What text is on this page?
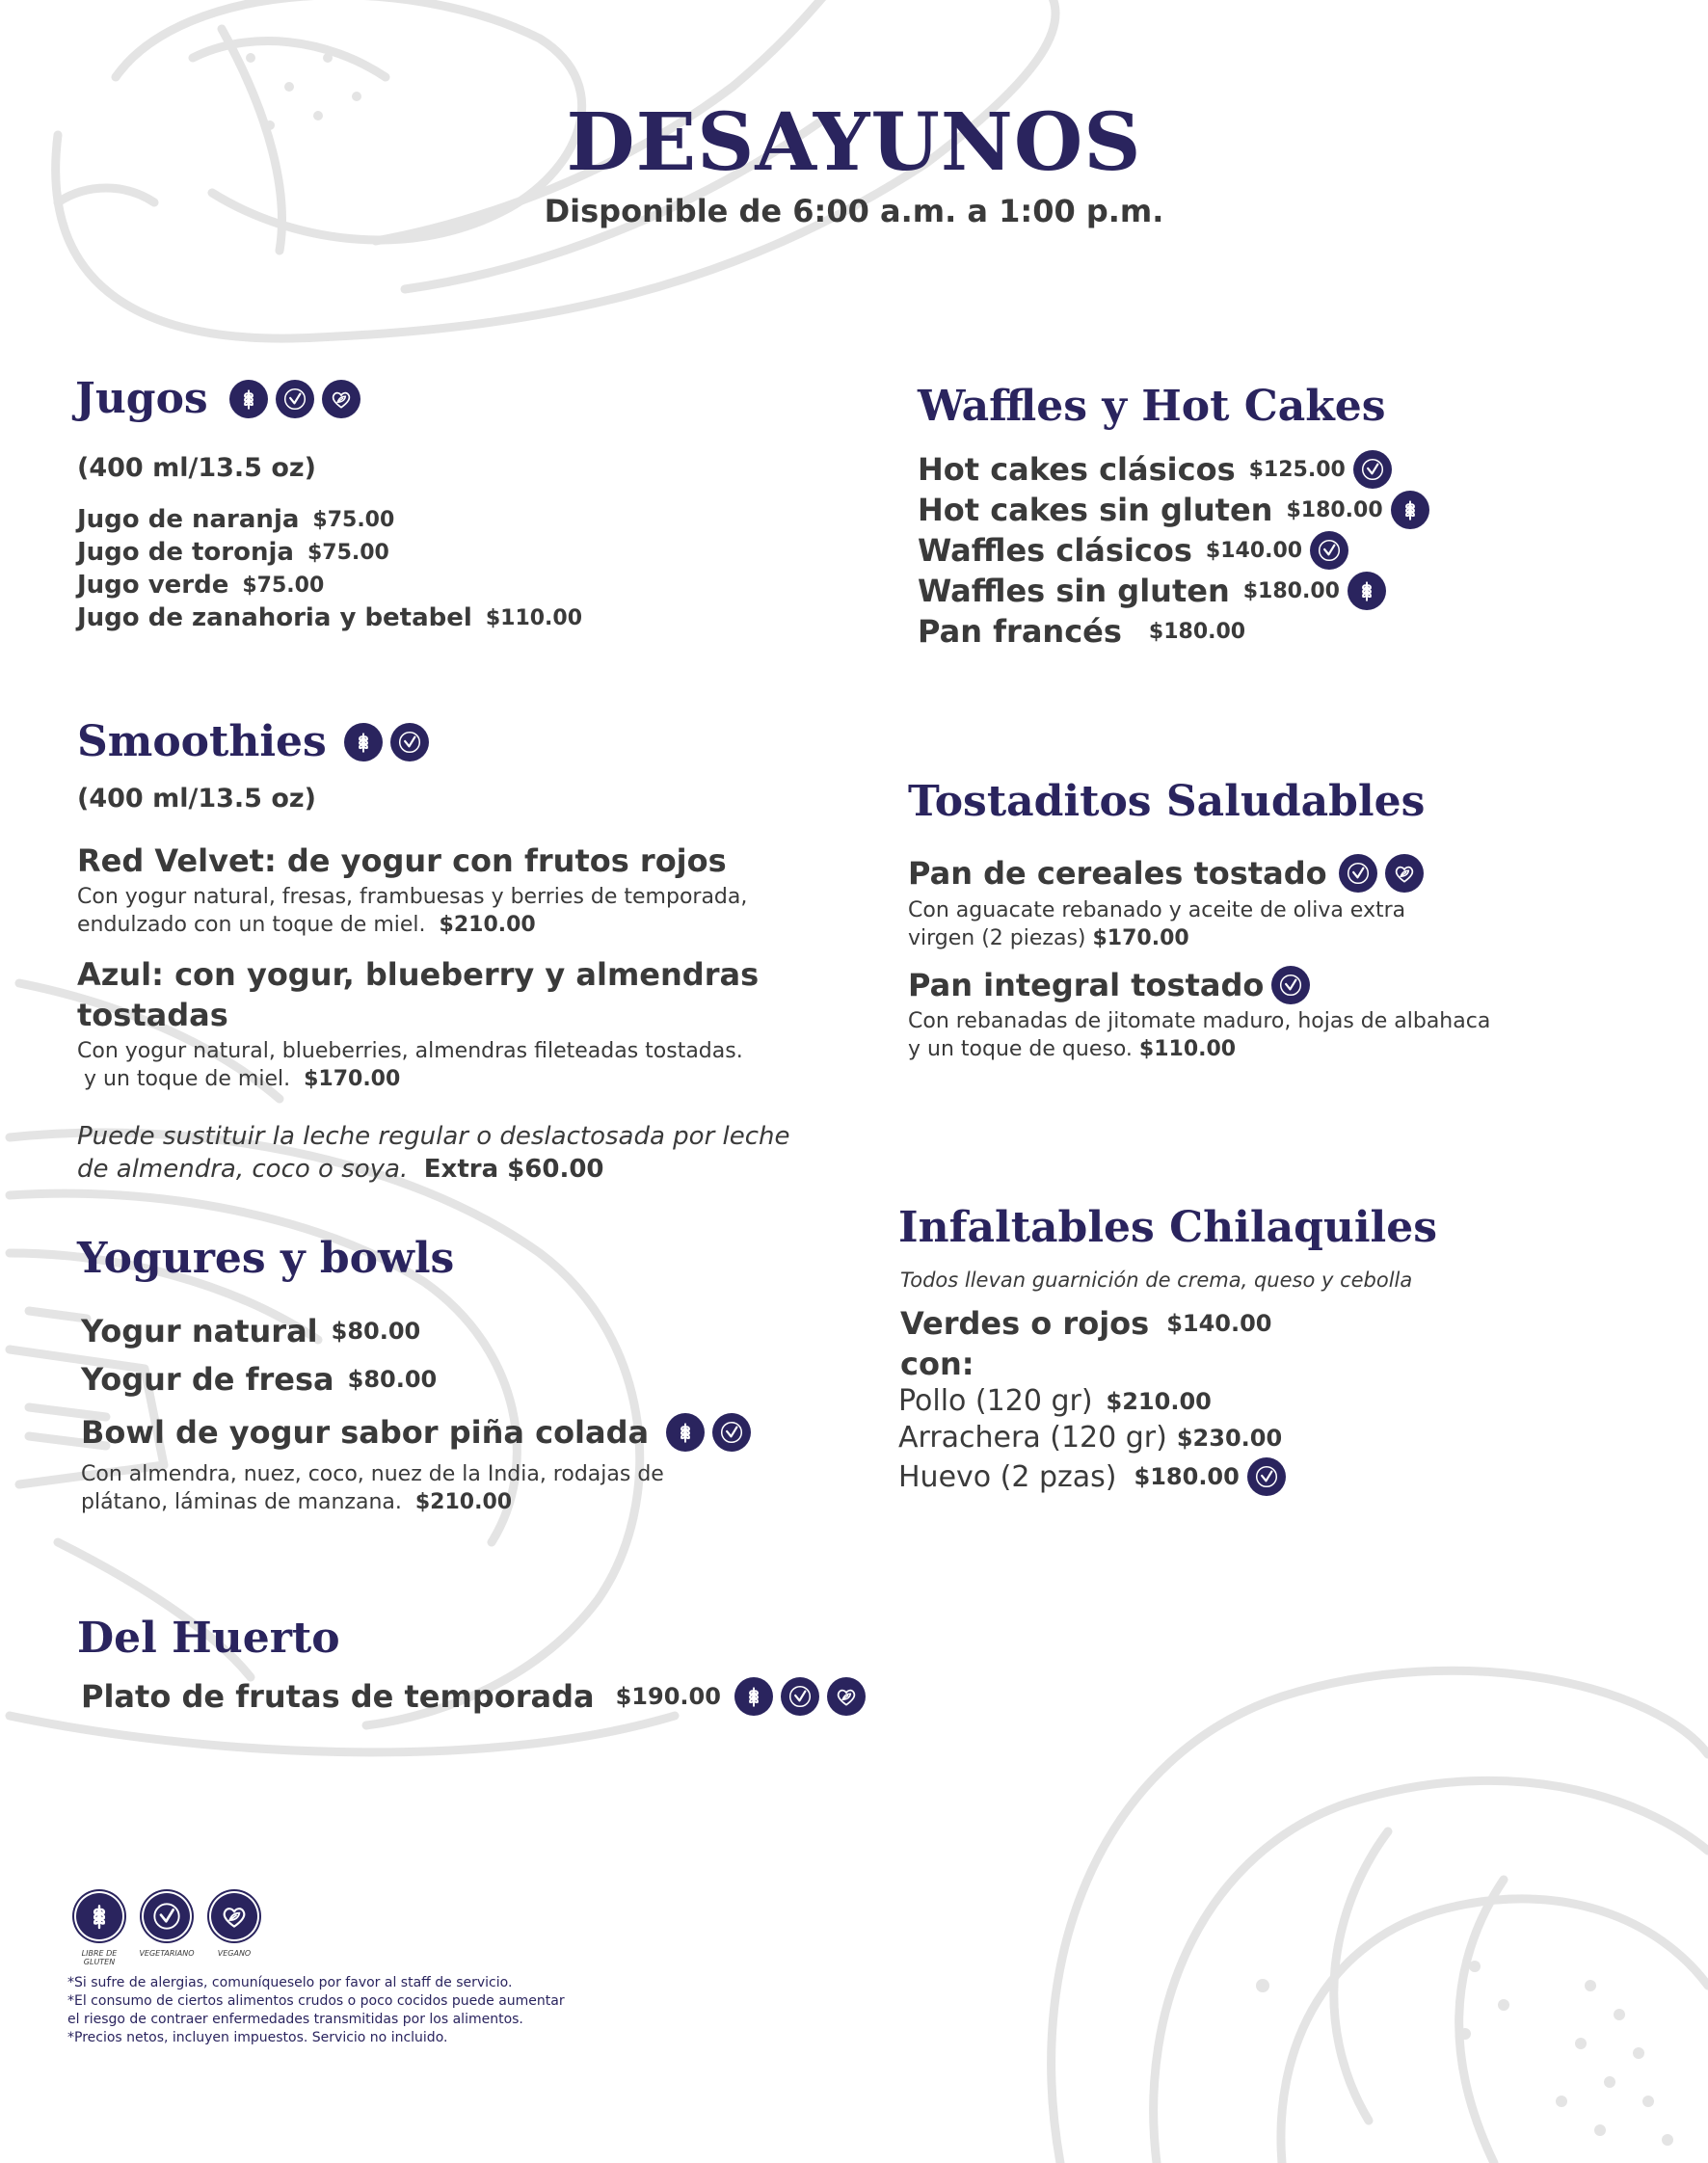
DESAYUNOS
Disponible de 6:00 a.m. a 1:00 p.m.
Jugos
(400 ml/13.5 oz)
Jugo de naranja $75.00
Jugo de toronja $75.00
Jugo verde $75.00
Jugo de zanahoria y betabel $110.00
Smoothies
(400 ml/13.5 oz)
Red Velvet: de yogur con frutos rojos
Con yogur natural, fresas, frambuesas y berries de temporada,
endulzado con un toque de miel. $210.00
Azul: con yogur, blueberry y almendras
tostadas
Con yogur natural, blueberries, almendras fileteadas tostadas.
y un toque de miel. $170.00
Puede sustituir la leche regular o deslactosada por leche
de almendra, coco o soya. Extra $60.00
Yogures y bowls
Yogur natural $80.00
Yogur de fresa $80.00
Bowl de yogur sabor piña colada
Con almendra, nuez, coco, nuez de la India, rodajas de
plátano, láminas de manzana. $210.00
Del Huerto
Plato de frutas de temporada $190.00
Waffles y Hot Cakes
Hot cakes clásicos $125.00
Hot cakes sin gluten $180.00
Waffles clásicos $140.00
Waffles sin gluten $180.00
Pan francés $180.00
Tostaditos Saludables
Pan de cereales tostado
Con aguacate rebanado y aceite de oliva extra
virgen (2 piezas) $170.00
Pan integral tostado
Con rebanadas de jitomate maduro, hojas de albahaca
y un toque de queso. $110.00
Infaltables Chilaquiles
Todos llevan guarnición de crema, queso y cebolla
Verdes o rojos $140.00
con:
Pollo (120 gr) $210.00
Arrachera (120 gr) $230.00
Huevo (2 pzas) $180.00
LIBRE DE GLUTEN
VEGETARIANO	VEGANO
*Si sufre de alergias, comuníqueselo por favor al staff de servicio.
*El consumo de ciertos alimentos crudos o poco cocidos puede aumentar
el riesgo de contraer enfermedades transmitidas por los alimentos.
*Precios netos, incluyen impuestos. Servicio no incluido.
